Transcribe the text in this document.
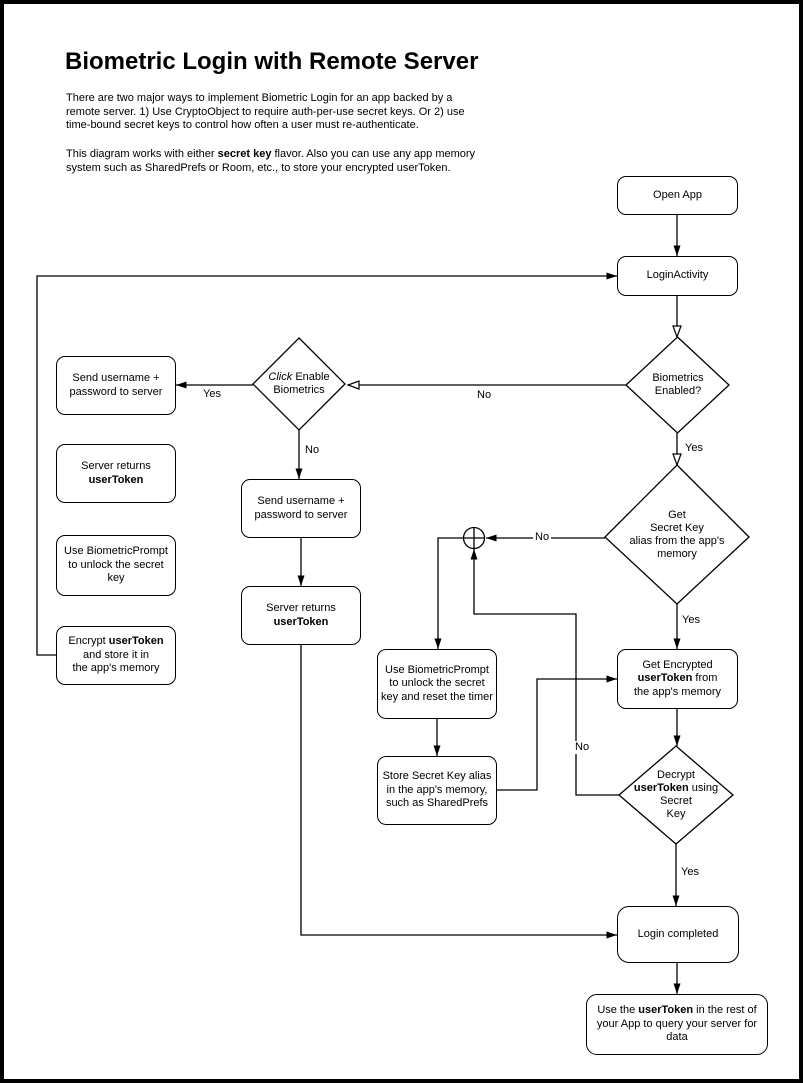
Biometric Login with Remote Server

There are two major ways to implement Biometric Login for an app backed by a
remote server. 1) Use CryptoObject to require auth-per-use secret keys. Or 2) use
time-bound secret keys to control how often a user must re-authenticate.

This diagram works with either secret key flavor. Also you can use any app memory
system such as SharedPrefs or Room, etc., to store your encrypted userToken.

Open App
LoginActivity
Send username + password to server
Server returns
userToken
Use BiometricPrompt to unlock the secret key
Encrypt userToken
and store it in
the app's memory
Send username + password to server
Server returns
userToken
Use BiometricPrompt to unlock the secret key and reset the timer
Store Secret Key alias in the app's memory, such as SharedPrefs
Get Encrypted
userToken from
the app's memory
Login completed
Use the userToken in the rest of your App to query your server for data
Biometrics Enabled?
Click Enable Biometrics
Get
Secret Key
alias from the app's
memory
Decrypt
userToken using
Secret
Key
Yes	No
Yes
No
No
Yes
No
Yes
